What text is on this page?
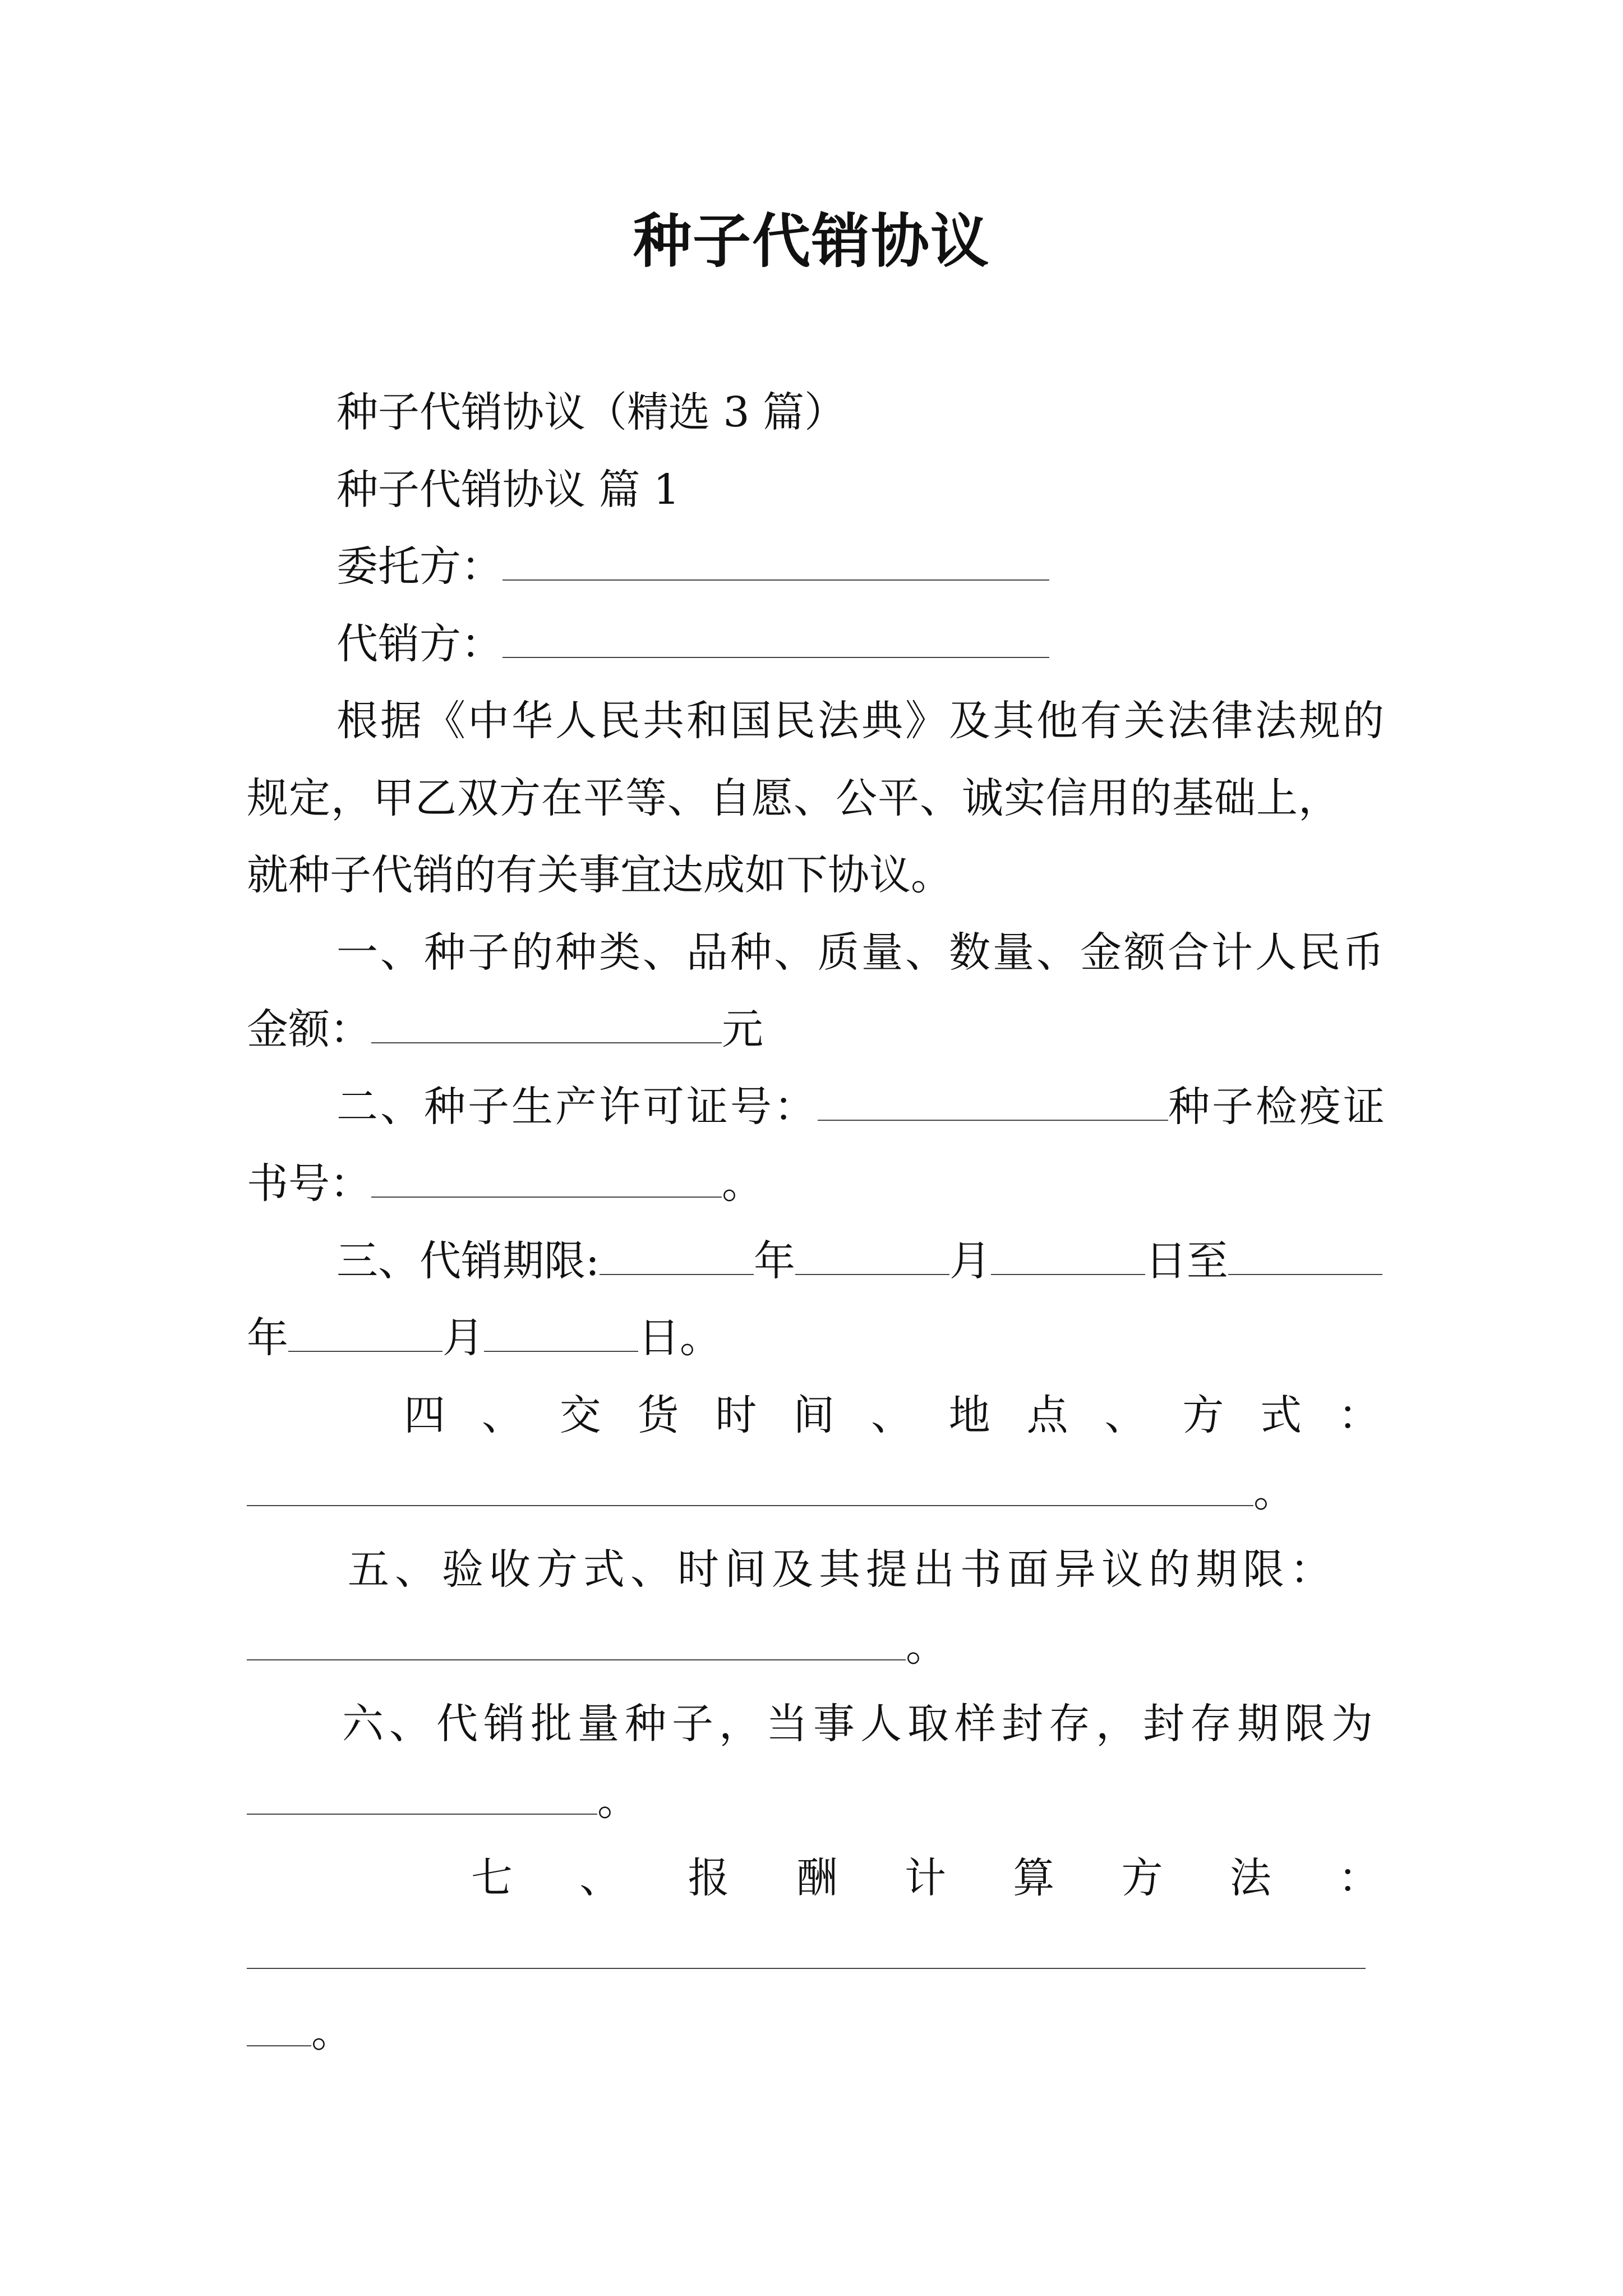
种子代销协议

种子代销协议（精选 3 篇）

种子代销协议 篇 1

委托方：

代销方：

根据《中华人民共和国民法典》及其他有关法律法规的

规定，甲乙双方在平等、自愿、公平、诚实信用的基础上，

就种子代销的有关事宜达成如下协议。

一、种子的种类、品种、质量、数量、金额合计人民币

金额：	元

二、种子生产许可证号：	种子检疫证

书号：	。

三、代销期限:	年	月	日至

年	月	日。

四 、 交 货 时 间 、 地 点 、 方 式 ：

。

五、验收方式、时间及其提出书面异议的期限：

。

六、代销批量种子，当事人取样封存，封存期限为

。

七 、 报 酬 计 算 方 法 ：

。
